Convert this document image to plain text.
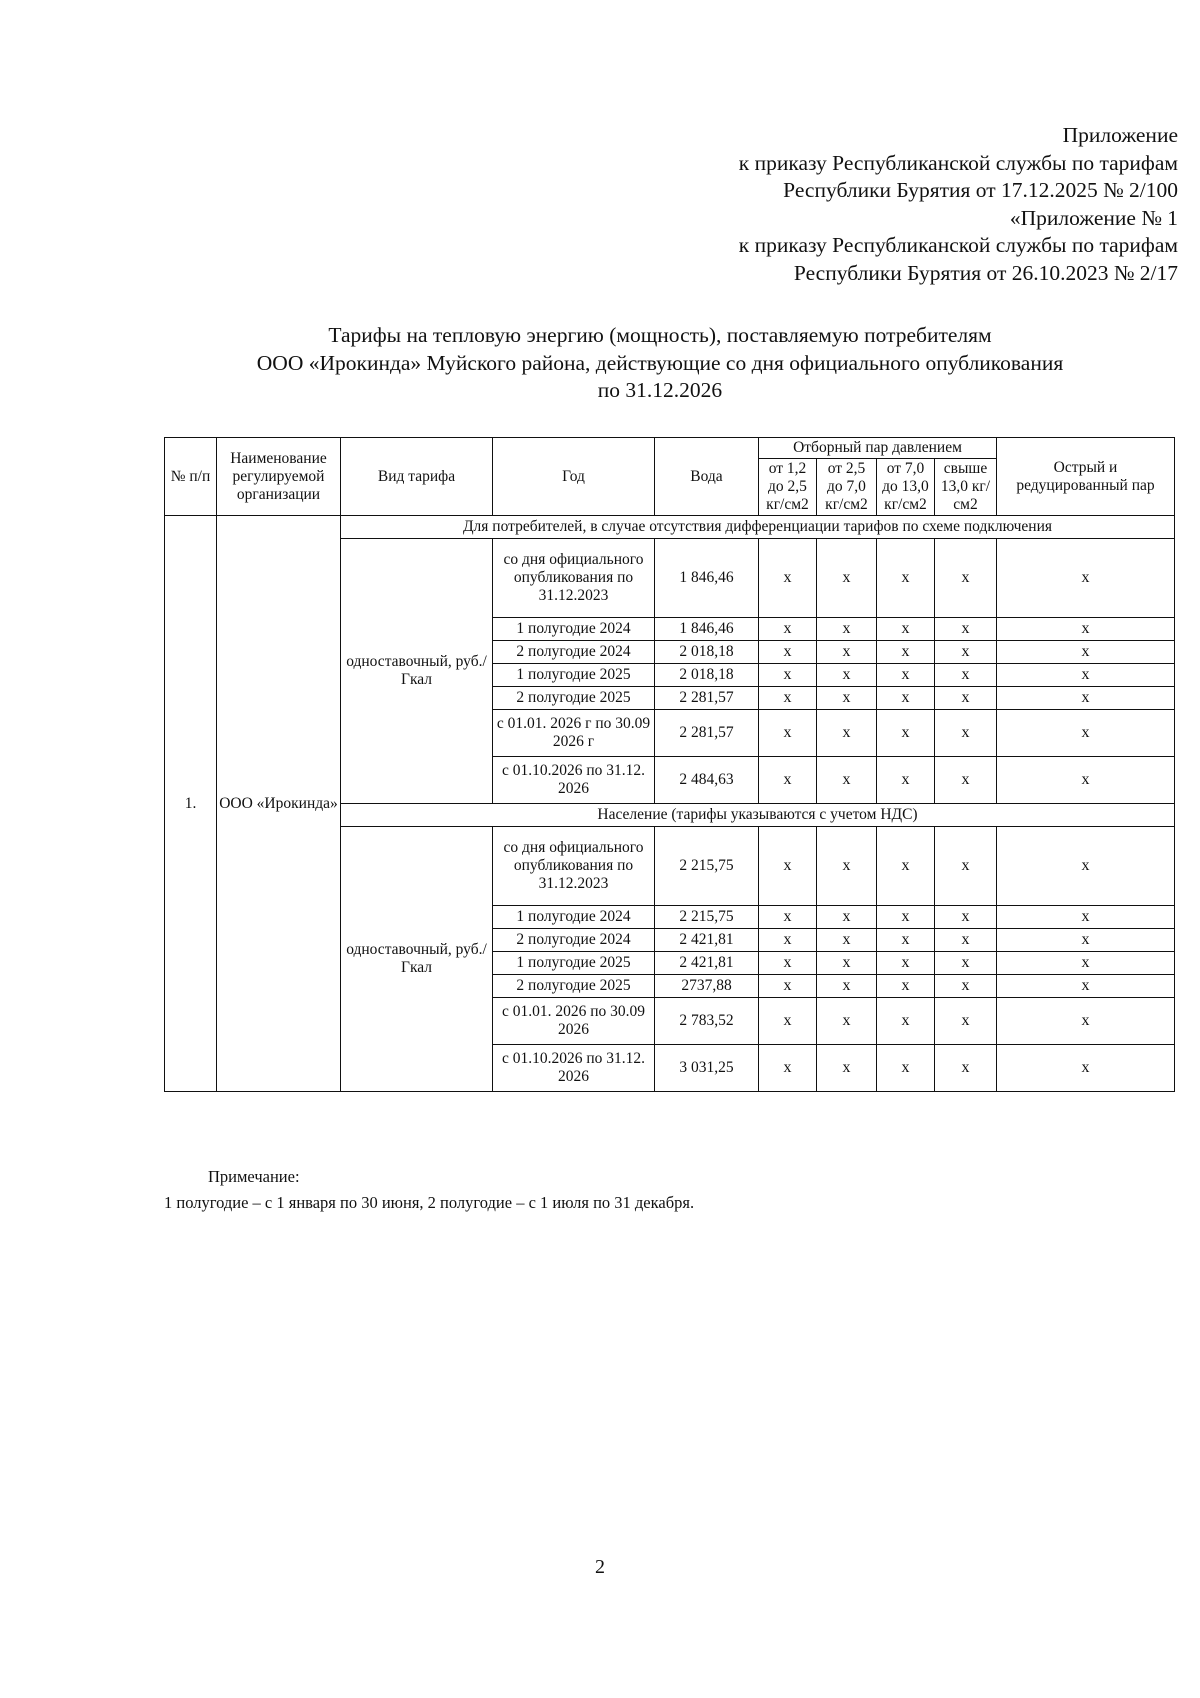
Приложение
к приказу Республиканской службы по тарифам
Республики Бурятия от 17.12.2025 № 2/100
«Приложение № 1
к приказу Республиканской службы по тарифам
Республики Бурятия от 26.10.2023 № 2/17
Тарифы на тепловую энергию (мощность), поставляемую потребителям
ООО «Ирокинда» Муйского района, действующие со дня официального опубликования
по 31.12.2026
№ п/п	Наименование регулируемой организации	Вид тарифа	Год	Вода	Отборный пар давлением				Острый и редуцированный пар
					от 1,2 до 2,5 кг/см2	от 2,5 до 7,0 кг/см2	от 7,0 до 13,0 кг/см2	свыше 13,0 кг/см2	
1.	ООО «Ирокинда»	Для потребителей, в случае отсутствия дифференциации тарифов по схеме подключения							
		одноставочный, руб./Гкал	со дня официального опубликования по 31.12.2023	1 846,46	х	х	х	х	х
			1 полугодие 2024	1 846,46	х	х	х	х	х
			2 полугодие 2024	2 018,18	х	х	х	х	х
			1 полугодие 2025	2 018,18	х	х	х	х	х
			2 полугодие 2025	2 281,57	х	х	х	х	х
			с 01.01. 2026 г по 30.09 2026 г	2 281,57	х	х	х	х	х
			с 01.10.2026 по 31.12. 2026	2 484,63	х	х	х	х	х
		Население (тарифы указываются с учетом НДС)							
		одноставочный, руб./Гкал	со дня официального опубликования по 31.12.2023	2 215,75	х	х	х	х	х
			1 полугодие 2024	2 215,75	х	х	х	х	х
			2 полугодие 2024	2 421,81	х	х	х	х	х
			1 полугодие 2025	2 421,81	х	х	х	х	х
			2 полугодие 2025	2737,88	х	х	х	х	х
			с 01.01. 2026 по 30.09 2026	2 783,52	х	х	х	х	х
			с 01.10.2026 по 31.12. 2026	3 031,25	х	х	х	х	х
Примечание:
1 полугодие – с 1 января по 30 июня, 2 полугодие – с 1 июля по 31 декабря.
2
